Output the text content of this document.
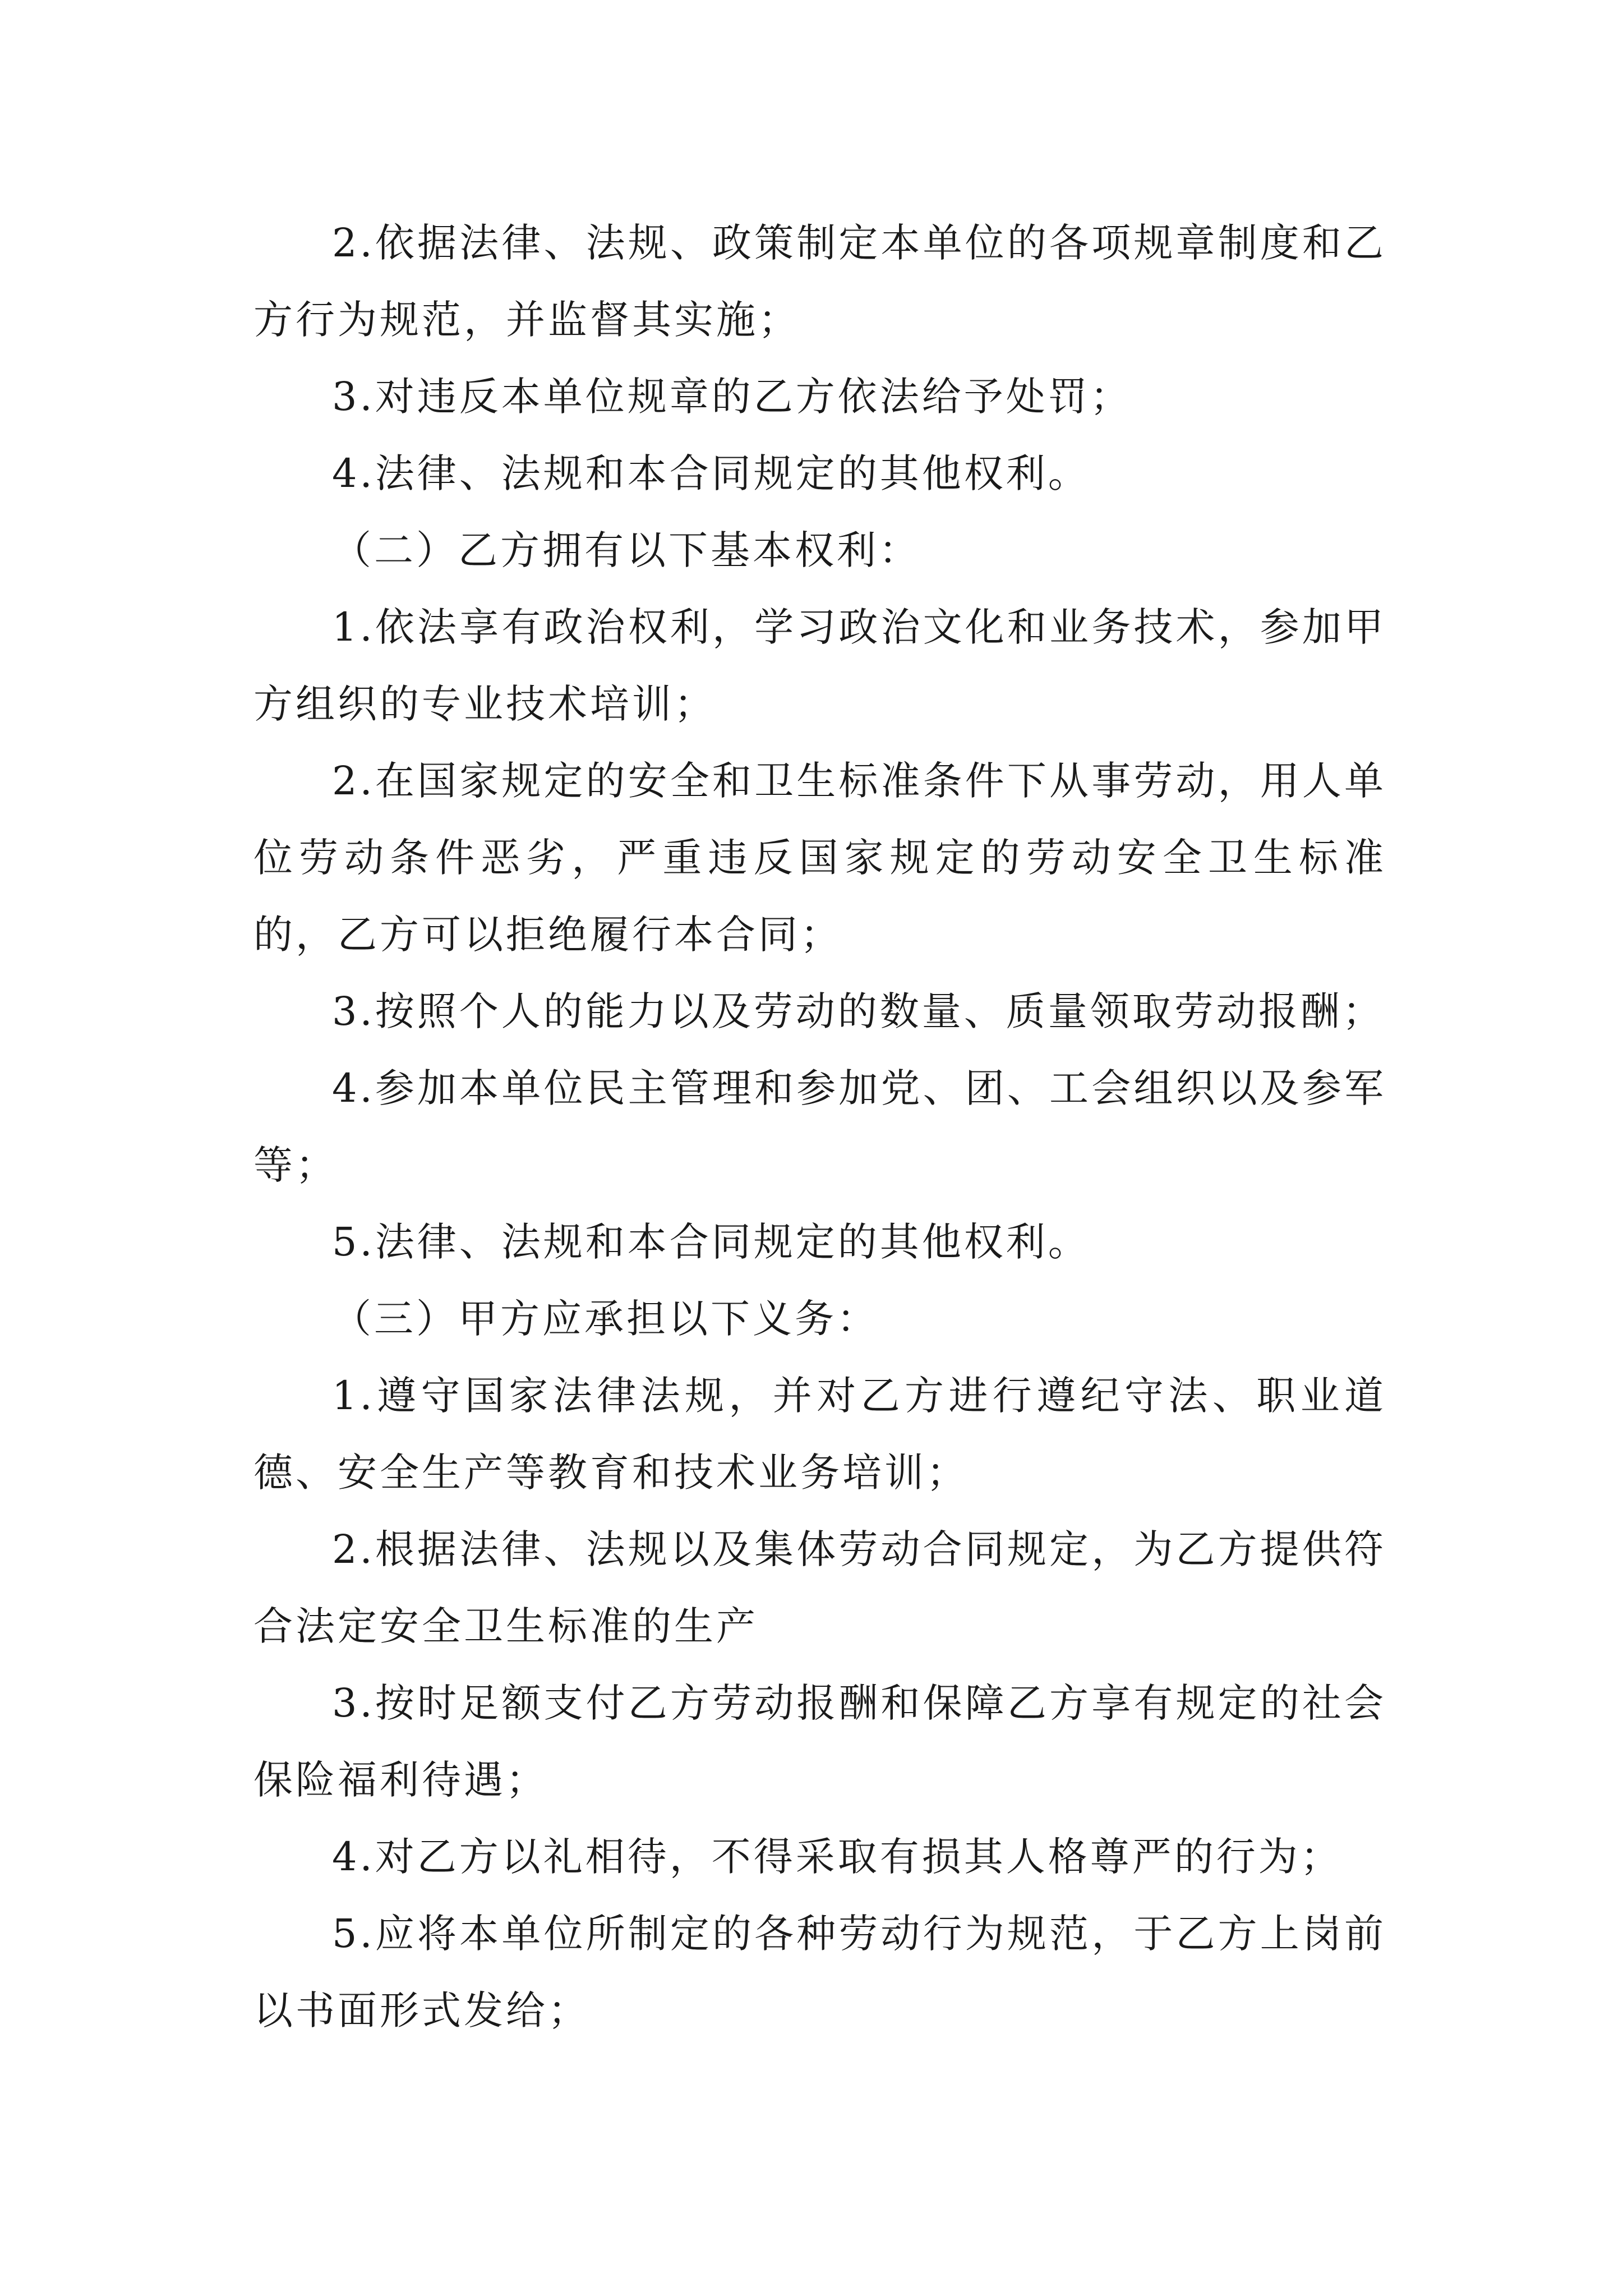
2.依据法律、法规、政策制定本单位的各项规章制度和乙方行为规范，并监督其实施；

3.对违反本单位规章的乙方依法给予处罚；

4.法律、法规和本合同规定的其他权利。

（二）乙方拥有以下基本权利：

1.依法享有政治权利，学习政治文化和业务技术，参加甲方组织的专业技术培训；

2.在国家规定的安全和卫生标准条件下从事劳动，用人单位劳动条件恶劣，严重违反国家规定的劳动安全卫生标准的，乙方可以拒绝履行本合同；

3.按照个人的能力以及劳动的数量、质量领取劳动报酬；

4.参加本单位民主管理和参加党、团、工会组织以及参军等；

5.法律、法规和本合同规定的其他权利。

（三）甲方应承担以下义务：

1.遵守国家法律法规，并对乙方进行遵纪守法、职业道德、安全生产等教育和技术业务培训；

2.根据法律、法规以及集体劳动合同规定，为乙方提供符合法定安全卫生标准的生产

3.按时足额支付乙方劳动报酬和保障乙方享有规定的社会保险福利待遇；

4.对乙方以礼相待，不得采取有损其人格尊严的行为；

5.应将本单位所制定的各种劳动行为规范，于乙方上岗前以书面形式发给；
